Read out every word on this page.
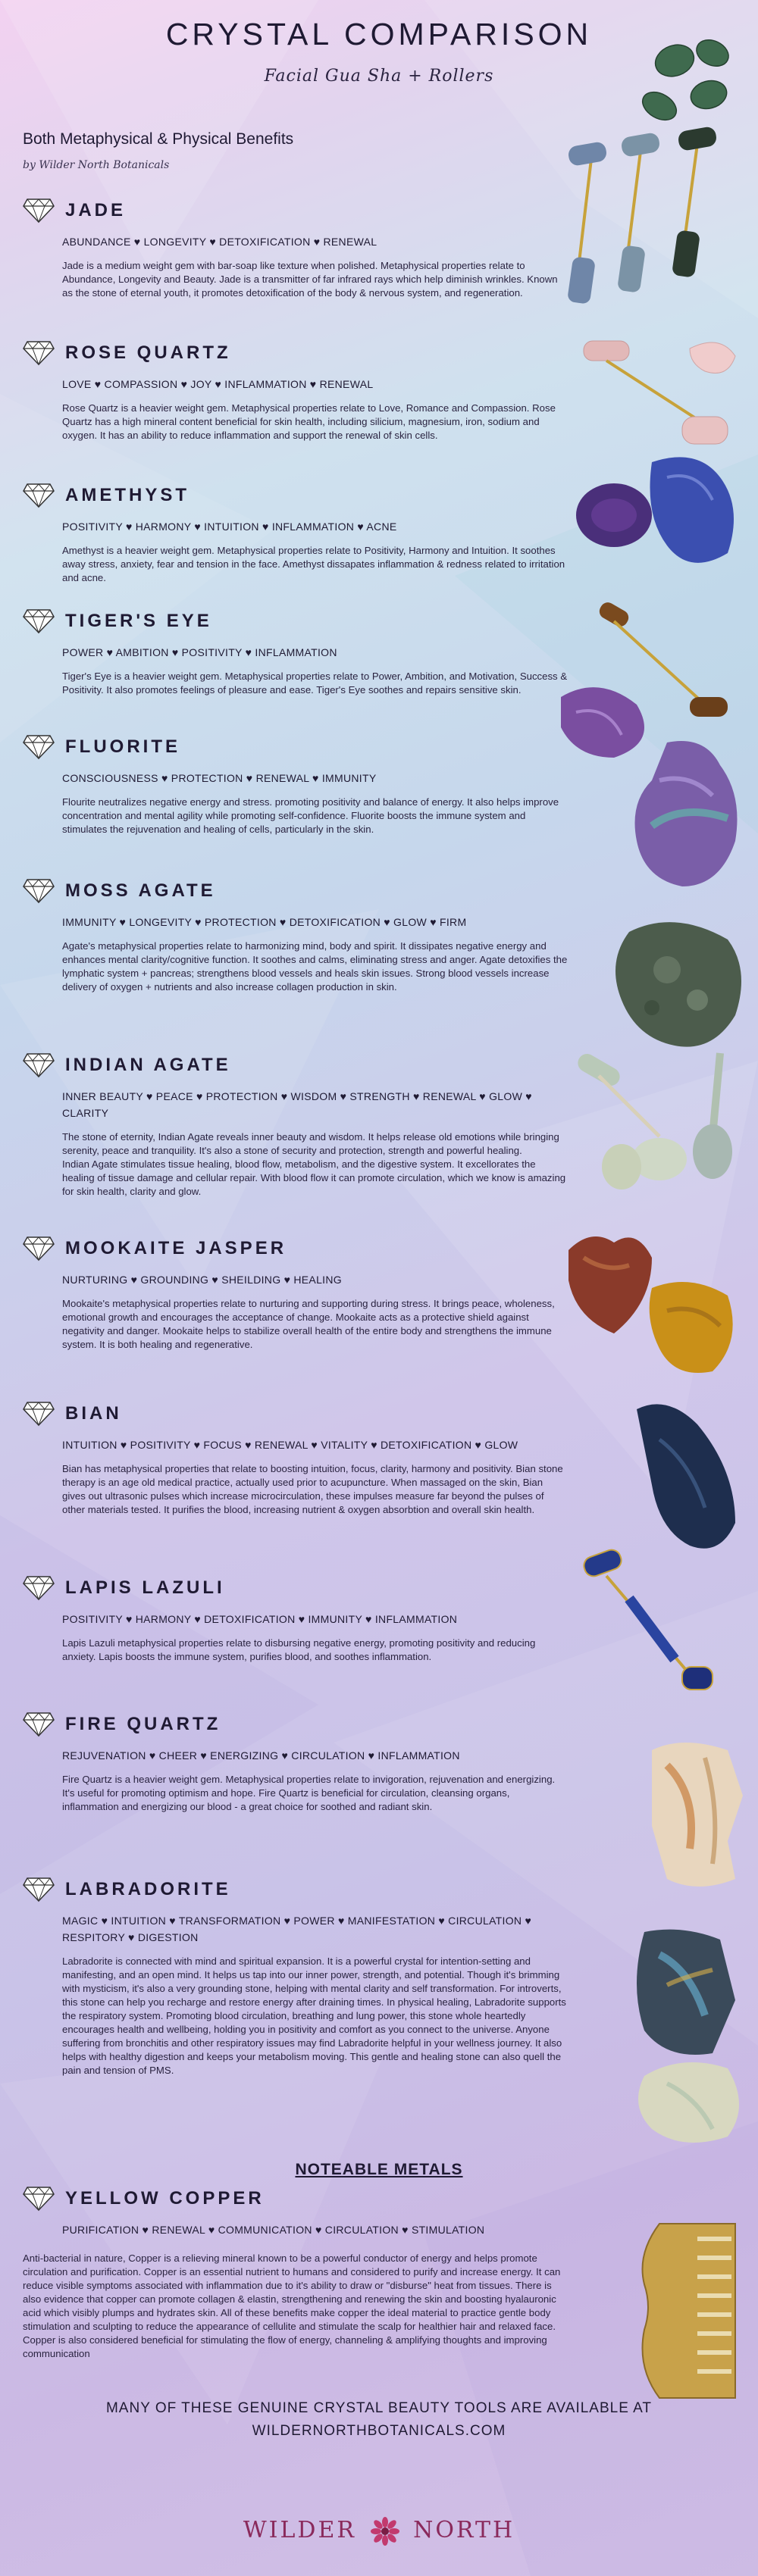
CRYSTAL COMPARISON
Facial Gua Sha + Rollers
Both Metaphysical & Physical Benefits
by Wilder North Botanicals
JADE
ABUNDANCE ♥ LONGEVITY ♥ DETOXIFICATION ♥ RENEWAL
Jade is a medium weight gem with bar-soap like texture when polished. Metaphysical properties relate to Abundance, Longevity and Beauty. Jade is a transmitter of far infrared rays which help diminish wrinkles. Known as the stone of eternal youth, it promotes detoxification of the body & nervous system, and regeneration.
ROSE QUARTZ
LOVE ♥ COMPASSION ♥ JOY ♥ INFLAMMATION ♥ RENEWAL
Rose Quartz is a heavier weight gem. Metaphysical properties relate to Love, Romance and Compassion. Rose Quartz has a high mineral content beneficial for skin health, including silicium, magnesium, iron, sodium and oxygen. It has an ability to reduce inflammation and support the renewal of skin cells.
AMETHYST
POSITIVITY ♥ HARMONY ♥ INTUITION ♥ INFLAMMATION ♥ ACNE
Amethyst is a heavier weight gem. Metaphysical properties relate to Positivity, Harmony and Intuition. It soothes away stress, anxiety, fear and tension in the face. Amethyst dissapates inflammation & redness related to irritation and acne.
TIGER'S EYE
POWER ♥ AMBITION ♥ POSITIVITY ♥ INFLAMMATION
Tiger's Eye is a heavier weight gem. Metaphysical properties relate to Power, Ambition, and Motivation, Success & Positivity. It also promotes feelings of pleasure and ease. Tiger's Eye soothes and repairs sensitive skin.
FLUORITE
CONSCIOUSNESS ♥ PROTECTION ♥ RENEWAL ♥ IMMUNITY
Flourite neutralizes negative energy and stress. promoting positivity and balance of energy. It also helps improve concentration and mental agility while promoting self-confidence. Fluorite boosts the immune system and stimulates the rejuvenation and healing of cells, particularly in the skin.
MOSS AGATE
IMMUNITY ♥ LONGEVITY ♥ PROTECTION ♥ DETOXIFICATION ♥ GLOW ♥ FIRM
Agate's metaphysical properties relate to harmonizing mind, body and spirit. It dissipates negative energy and enhances mental clarity/cognitive function. It soothes and calms, eliminating stress and anger. Agate detoxifies the lymphatic system + pancreas; strengthens blood vessels and heals skin issues. Strong blood vessels increase delivery of oxygen + nutrients and also increase collagen production in skin.
INDIAN AGATE
INNER BEAUTY ♥ PEACE ♥ PROTECTION ♥ WISDOM ♥ STRENGTH ♥ RENEWAL ♥ GLOW ♥ CLARITY
The stone of eternity, Indian Agate reveals inner beauty and wisdom. It helps release old emotions while bringing serenity, peace and tranquility. It's also a stone of security and protection, strength and powerful healing.
Indian Agate stimulates tissue healing, blood flow, metabolism, and the digestive system. It excellorates the healing of tissue damage and cellular repair. With blood flow it can promote circulation, which we know is amazing for skin health, clarity and glow.
MOOKAITE JASPER
NURTURING ♥ GROUNDING ♥ SHEILDING ♥ HEALING
Mookaite's metaphysical properties relate to nurturing and supporting during stress. It brings peace, wholeness, emotional growth and encourages the acceptance of change. Mookaite acts as a protective shield against negativity and danger. Mookaite helps to stabilize overall health of the entire body and strengthens the immune system. It is both healing and regenerative.
BIAN
INTUITION ♥ POSITIVITY ♥ FOCUS ♥ RENEWAL ♥ VITALITY ♥ DETOXIFICATION ♥ GLOW
Bian has metaphysical properties that relate to boosting intuition, focus, clarity, harmony and positivity. Bian stone therapy is an age old medical practice, actually used prior to acupuncture. When massaged on the skin, Bian gives out ultrasonic pulses which increase microcirculation, these impulses measure far beyond the pulses of other materials tested. It purifies the blood, increasing nutrient & oxygen absorbtion and overall skin health.
LAPIS LAZULI
POSITIVITY ♥ HARMONY ♥ DETOXIFICATION ♥ IMMUNITY ♥ INFLAMMATION
Lapis Lazuli metaphysical properties relate to disbursing negative energy, promoting positivity and reducing anxiety. Lapis boosts the immune system, purifies blood, and soothes inflammation.
FIRE QUARTZ
REJUVENATION ♥ CHEER ♥ ENERGIZING ♥ CIRCULATION ♥ INFLAMMATION
Fire Quartz is a heavier weight gem. Metaphysical properties relate to invigoration, rejuvenation and energizing. It's useful for promoting optimism and hope. Fire Quartz is beneficial for circulation, cleansing organs, inflammation and energizing our blood - a great choice for soothed and radiant skin.
LABRADORITE
MAGIC ♥ INTUITION ♥ TRANSFORMATION ♥ POWER ♥ MANIFESTATION ♥ CIRCULATION ♥ RESPITORY ♥ DIGESTION
Labradorite is connected with mind and spiritual expansion. It is a powerful crystal for intention-setting and manifesting, and an open mind. It helps us tap into our inner power, strength, and potential. Though it's brimming with mysticism, it's also a very grounding stone, helping with mental clarity and self transformation. For introverts, this stone can help you recharge and restore energy after draining times. In physical healing, Labradorite supports the respiratory system. Promoting blood circulation, breathing and lung power, this stone whole heartedly encourages health and wellbeing, holding you in positivity and comfort as you connect to the universe. Anyone suffering from bronchitis and other respiratory issues may find Labradorite helpful in your wellness journey. It also helps with healthy digestion and keeps your metabolism moving. This gentle and healing stone can also quell the pain and tension of PMS.
NOTEABLE METALS
YELLOW COPPER
PURIFICATION ♥ RENEWAL ♥ COMMUNICATION ♥ CIRCULATION ♥ STIMULATION
Anti-bacterial in nature, Copper is a relieving mineral known to be a powerful conductor of energy and helps promote circulation and purification. Copper is an essential nutrient to humans and considered to purify and increase energy. It can reduce visible symptoms associated with inflammation due to it's ability to draw or "disburse" heat from tissues. There is also evidence that copper can promote collagen & elastin, strengthening and renewing the skin and boosting hyalauronic acid which visibly plumps and hydrates skin. All of these benefits make copper the ideal material to practice gentle body stimulation and sculpting to reduce the appearance of cellulite and stimulate the scalp for healthier hair and relaxed face. Copper is also considered beneficial for stimulating the flow of energy, channeling & amplifying thoughts and improving communication
MANY OF THESE GENUINE CRYSTAL BEAUTY TOOLS ARE AVAILABLE AT
WILDERNORTHBOTANICALS.COM
WILDER	NORTH
